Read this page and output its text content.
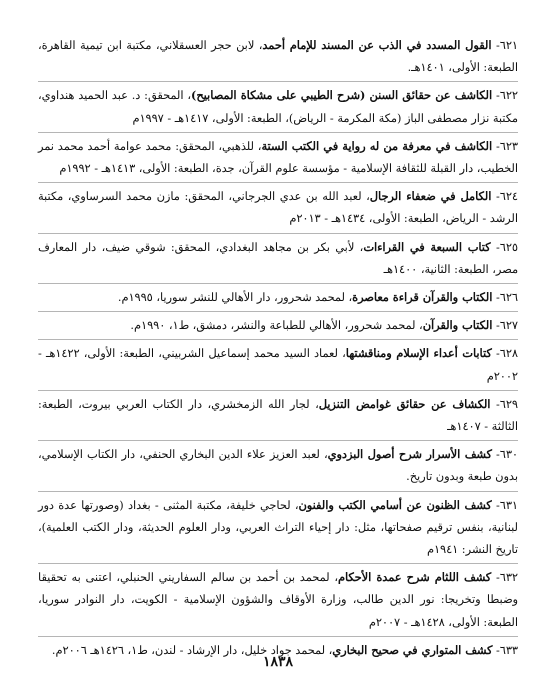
٦٢١- القول المسدد في الذب عن المسند للإمام أحمد، لابن حجر العسقلاني، مكتبة ابن تيمية القاهرة، الطبعة: الأولى، ١٤٠١هـ.

٦٢٢- الكاشف عن حقائق السنن (شرح الطيبي على مشكاة المصابيح)، المحقق: د. عبد الحميد هنداوي، مكتبة نزار مصطفى الباز (مكة المكرمة - الرياض)، الطبعة: الأولى، ١٤١٧هـ - ١٩٩٧م

٦٢٣- الكاشف في معرفة من له رواية في الكتب الستة، للذهبي، المحقق: محمد عوامة أحمد محمد نمر الخطيب، دار القبلة للثقافة الإسلامية - مؤسسة علوم القرآن، جدة، الطبعة: الأولى، ١٤١٣هـ - ١٩٩٢م

٦٢٤- الكامل في ضعفاء الرجال، لعبد الله بن عدي الجرجاني، المحقق: مازن محمد السرساوي، مكتبة الرشد - الرياض، الطبعة: الأولى، ١٤٣٤هـ - ٢٠١٣م

٦٢٥- كتاب السبعة في القراءات، لأبي بكر بن مجاهد البغدادي، المحقق: شوقي ضيف، دار المعارف مصر، الطبعة: الثانية، ١٤٠٠هـ

٦٢٦- الكتاب والقرآن قراءة معاصرة، لمحمد شحرور، دار الأهالي للنشر سوريا، ١٩٩٥م.

٦٢٧- الكتاب والقرآن، لمحمد شحرور، الأهالي للطباعة والنشر، دمشق، ط١، ١٩٩٠م.

٦٢٨- كتابات أعداء الإسلام ومناقشتها، لعماد السيد محمد إسماعيل الشربيني، الطبعة: الأولى، ١٤٢٢هـ - ٢٠٠٢م

٦٢٩- الكشاف عن حقائق غوامض التنزيل، لجار الله الزمخشري، دار الكتاب العربي بيروت، الطبعة: الثالثة - ١٤٠٧هـ

٦٣٠- كشف الأسرار شرح أصول البزدوي، لعبد العزيز علاء الدين البخاري الحنفي، دار الكتاب الإسلامي، بدون طبعة وبدون تاريخ.

٦٣١- كشف الظنون عن أسامي الكتب والفنون، لحاجي خليفة، مكتبة المثنى - بغداد (وصورتها عدة دور لبنانية، بنفس ترقيم صفحاتها، مثل: دار إحياء التراث العربي، ودار العلوم الحديثة، ودار الكتب العلمية)، تاريخ النشر: ١٩٤١م

٦٣٢- كشف اللثام شرح عمدة الأحكام، لمحمد بن أحمد بن سالم السفاريني الحنبلي، اعتنى به تحقيقا وضبطا وتخريجا: نور الدين طالب، وزارة الأوقاف والشؤون الإسلامية - الكويت، دار النوادر سوريا، الطبعة: الأولى، ١٤٢٨هـ - ٢٠٠٧م

٦٣٣- كشف المتواري في صحيح البخاري، لمحمد جواد خليل، دار الإرشاد - لندن، ط١، ١٤٢٦هـ ٢٠٠٦م.

١٨٣٨
